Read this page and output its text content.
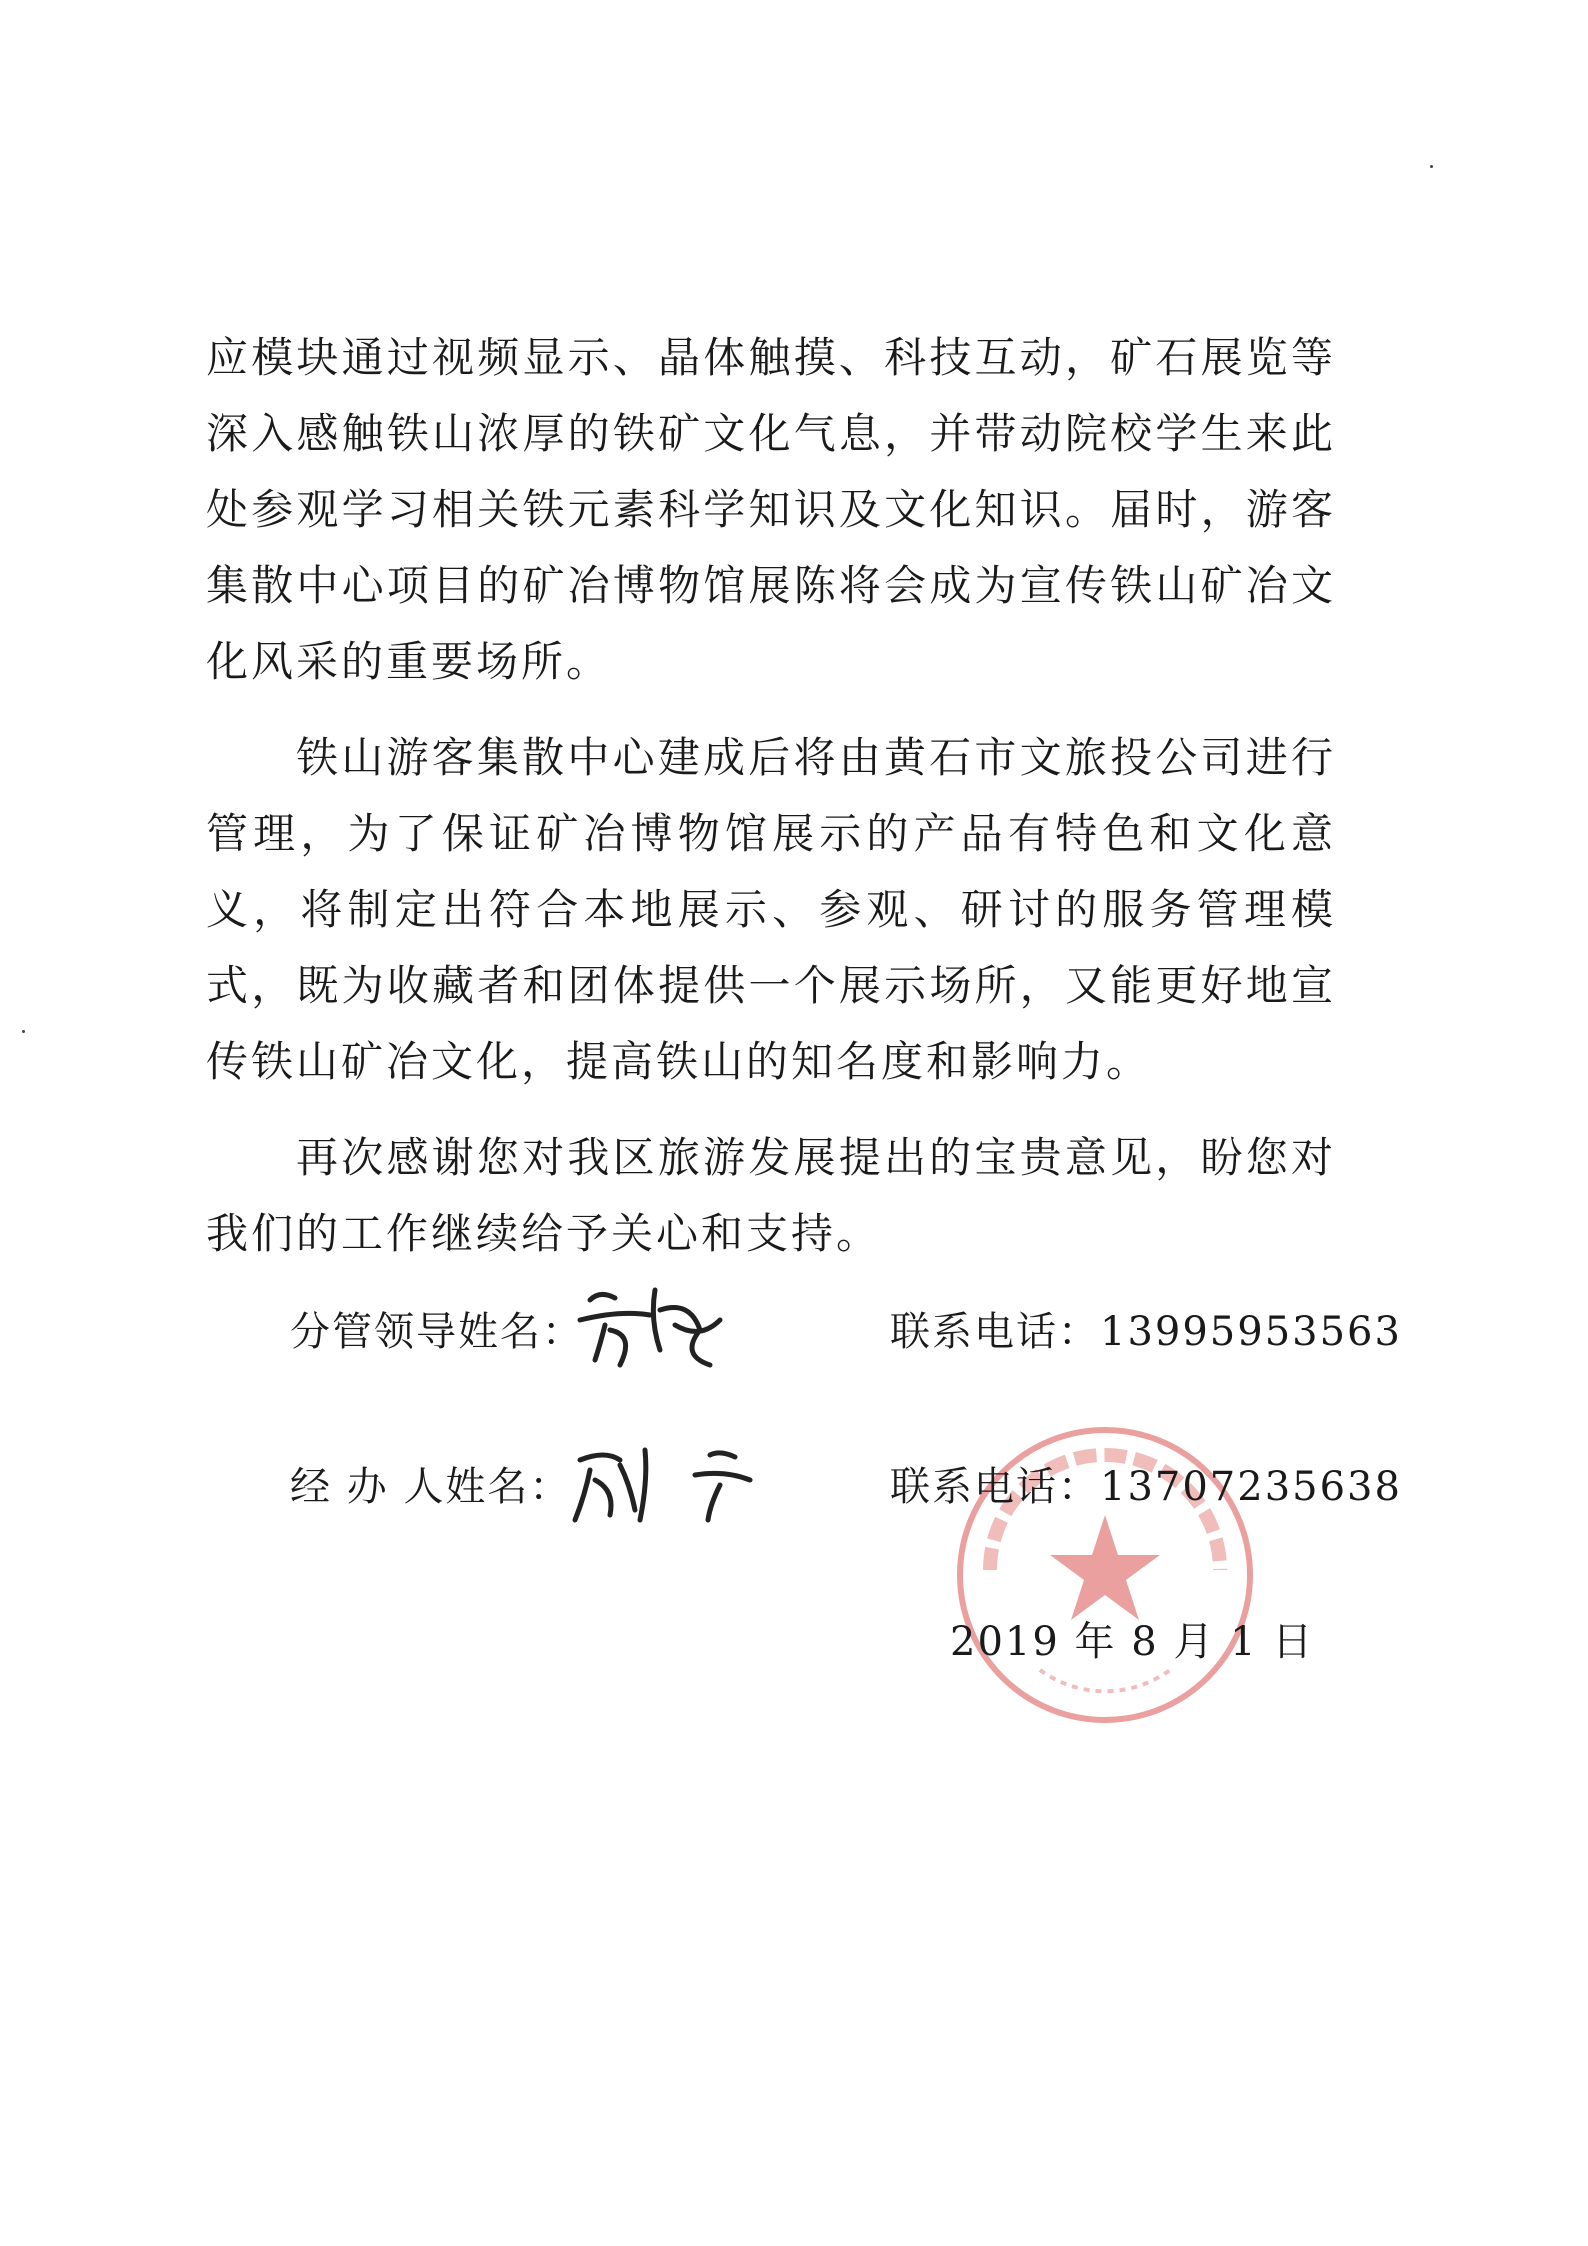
应模块通过视频显示、晶体触摸、科技互动，矿石展览等深入感触铁山浓厚的铁矿文化气息，并带动院校学生来此处参观学习相关铁元素科学知识及文化知识。届时，游客集散中心项目的矿冶博物馆展陈将会成为宣传铁山矿冶文化风采的重要场所。

铁山游客集散中心建成后将由黄石市文旅投公司进行管理，为了保证矿冶博物馆展示的产品有特色和文化意义，将制定出符合本地展示、参观、研讨的服务管理模式，既为收藏者和团体提供一个展示场所，又能更好地宣传铁山矿冶文化，提高铁山的知名度和影响力。

再次感谢您对我区旅游发展提出的宝贵意见，盼您对我们的工作继续给予关心和支持。

分管领导姓名：	联系电话：13995953563
经 办 人姓名：	联系电话：13707235638
2019 年 8 月 1 日
